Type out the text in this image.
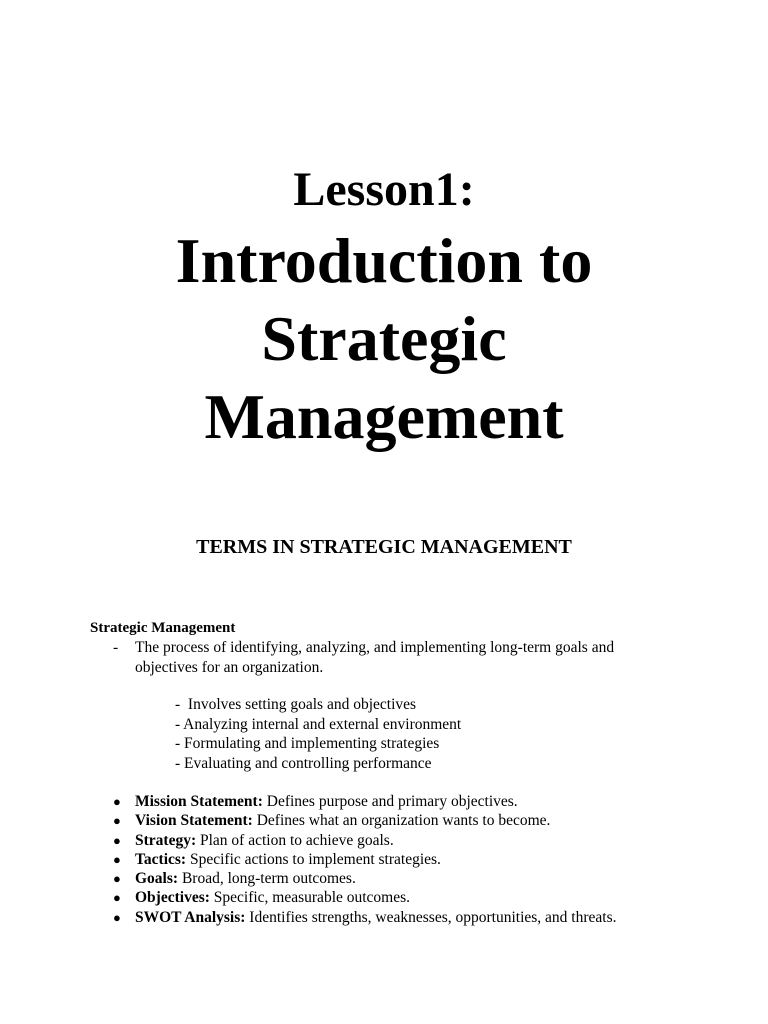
Lesson1:
Introduction to
Strategic
Management
TERMS IN STRATEGIC MANAGEMENT
Strategic Management
- The process of identifying, analyzing, and implementing long-term goals and objectives for an organization.
-  Involves setting goals and objectives
- Analyzing internal and external environment
- Formulating and implementing strategies
- Evaluating and controlling performance
● Mission Statement: Defines purpose and primary objectives.
● Vision Statement: Defines what an organization wants to become.
● Strategy: Plan of action to achieve goals.
● Tactics: Specific actions to implement strategies.
● Goals: Broad, long-term outcomes.
● Objectives: Specific, measurable outcomes.
● SWOT Analysis: Identifies strengths, weaknesses, opportunities, and threats.
